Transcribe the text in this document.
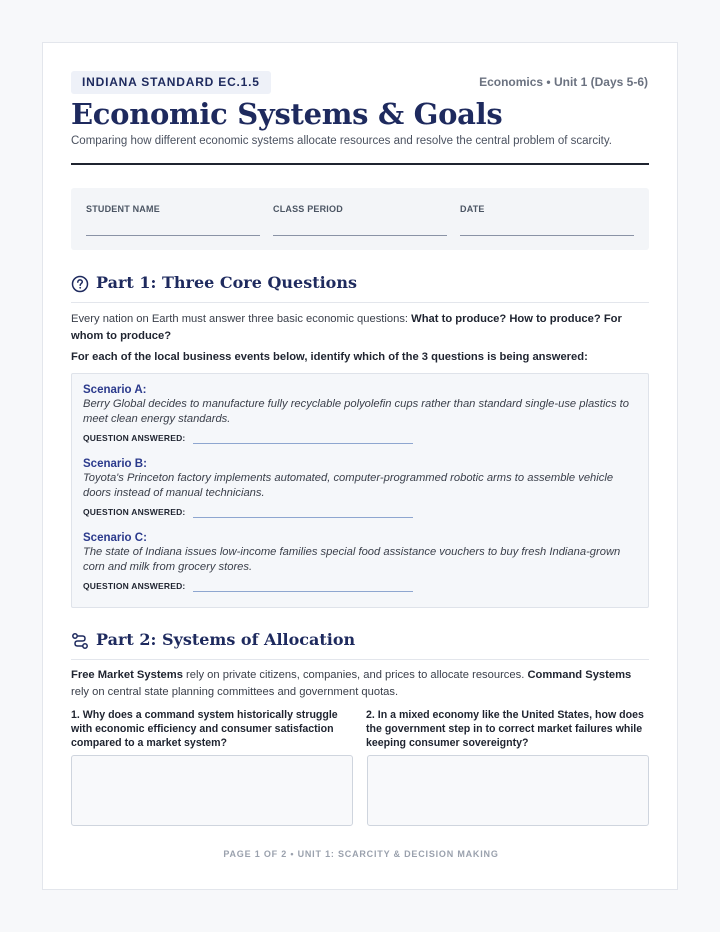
INDIANA STANDARD EC.1.5	Economics • Unit 1 (Days 5-6)
Economic Systems & Goals
Comparing how different economic systems allocate resources and resolve the central problem of scarcity.
STUDENT NAME	CLASS PERIOD	DATE
Part 1: Three Core Questions
Every nation on Earth must answer three basic economic questions: What to produce? How to produce? For whom to produce?
For each of the local business events below, identify which of the 3 questions is being answered:
Scenario A:
Berry Global decides to manufacture fully recyclable polyolefin cups rather than standard single-use plastics to meet clean energy standards.
QUESTION ANSWERED:
Scenario B:
Toyota's Princeton factory implements automated, computer-programmed robotic arms to assemble vehicle doors instead of manual technicians.
QUESTION ANSWERED:
Scenario C:
The state of Indiana issues low-income families special food assistance vouchers to buy fresh Indiana-grown corn and milk from grocery stores.
QUESTION ANSWERED:
Part 2: Systems of Allocation
Free Market Systems rely on private citizens, companies, and prices to allocate resources. Command Systems rely on central state planning committees and government quotas.
1. Why does a command system historically struggle with economic efficiency and consumer satisfaction compared to a market system?
2. In a mixed economy like the United States, how does the government step in to correct market failures while keeping consumer sovereignty?
PAGE 1 OF 2 • UNIT 1: SCARCITY & DECISION MAKING
